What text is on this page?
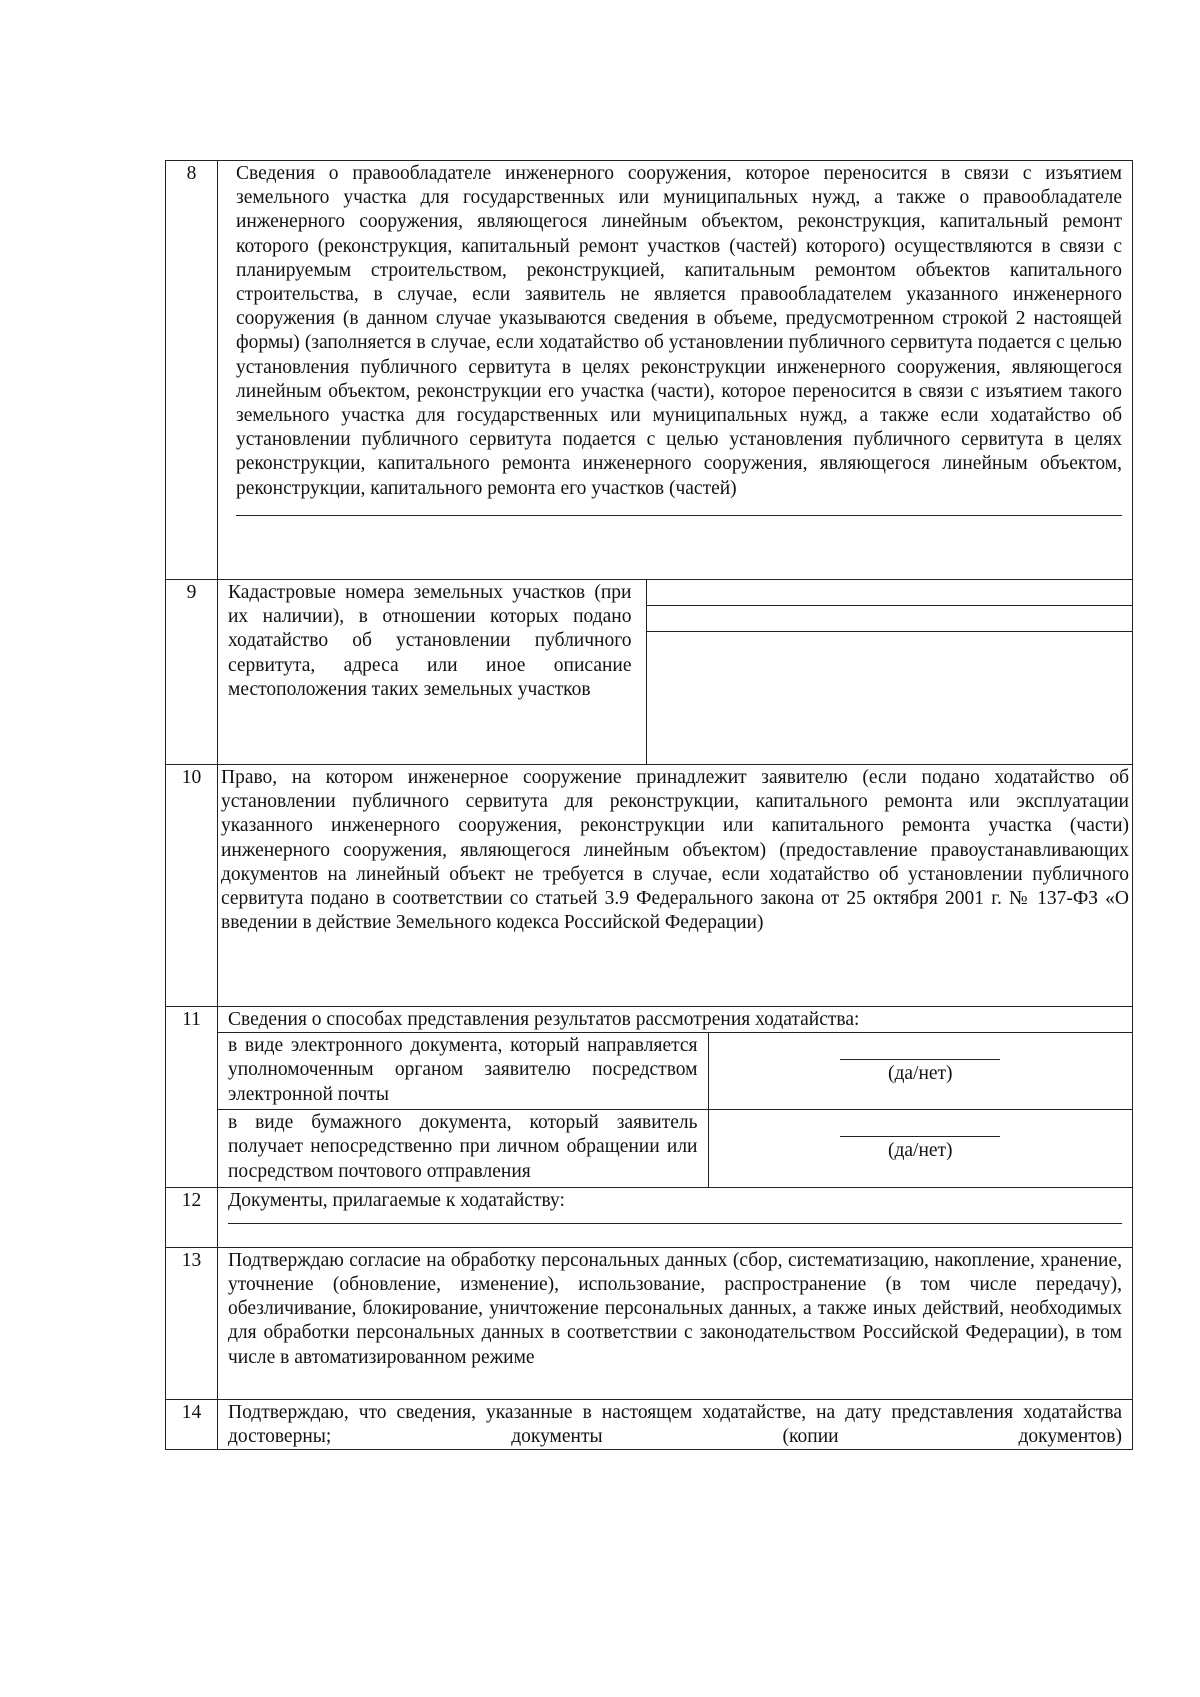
8	Сведения о правообладателе инженерного сооружения, которое переносится в связи с изъятием земельного участка для государственных или муниципальных нужд, а также о правообладателе инженерного сооружения, являющегося линейным объектом, реконструкция, капитальный ремонт которого (реконструкция, капитальный ремонт участков (частей) которого) осуществляются в связи с планируемым строительством, реконструкцией, капитальным ремонтом объектов капитального строительства, в случае, если заявитель не является правообладателем указанного инженерного сооружения (в данном случае указываются сведения в объеме, предусмотренном строкой 2 настоящей формы) (заполняется в случае, если ходатайство об установлении публичного сервитута подается с целью установления публичного сервитута в целях реконструкции инженерного сооружения, являющегося линейным объектом, реконструкции его участка (части), которое переносится в связи с изъятием такого земельного участка для государственных или муниципальных нужд, а также если ходатайство об установлении публичного сервитута подается с целью установления публичного сервитута в целях реконструкции, капитального ремонта инженерного сооружения, являющегося линейным объектом, реконструкции, капитального ремонта его участков (частей)

9	Кадастровые номера земельных участков (при их наличии), в отношении которых подано ходатайство об установлении публичного сервитута, адреса или иное описание местоположения таких земельных участков	

10	Право, на котором инженерное сооружение принадлежит заявителю (если подано ходатайство об установлении публичного сервитута для реконструкции, капитального ремонта или эксплуатации указанного инженерного сооружения, реконструкции или капитального ремонта участка (части) инженерного сооружения, являющегося линейным объектом) (предоставление правоустанавливающих документов на линейный объект не требуется в случае, если ходатайство об установлении публичного сервитута подано в соответствии со статьей 3.9 Федерального закона от 25 октября 2001 г. № 137-ФЗ «О введении в действие Земельного кодекса Российской Федерации)
11	Сведения о способах представления результатов рассмотрения ходатайства:
в виде электронного документа, который направляется уполномоченным органом заявителю посредством электронной почты	
(да/нет)

в виде бумажного документа, который заявитель получает непосредственно при личном обращении или посредством почтового отправления	
(да/нет)

12	Документы, прилагаемые к ходатайству:

13	Подтверждаю согласие на обработку персональных данных (сбор, систематизацию, накопление, хранение, уточнение (обновление, изменение), использование, распространение (в том числе передачу), обезличивание, блокирование, уничтожение персональных данных, а также иных действий, необходимых для обработки персональных данных в соответствии с законодательством Российской Федерации), в том числе в автоматизированном режиме
14	Подтверждаю, что сведения, указанные в настоящем ходатайстве, на дату представления ходатайства достоверны; документы (копии документов)
